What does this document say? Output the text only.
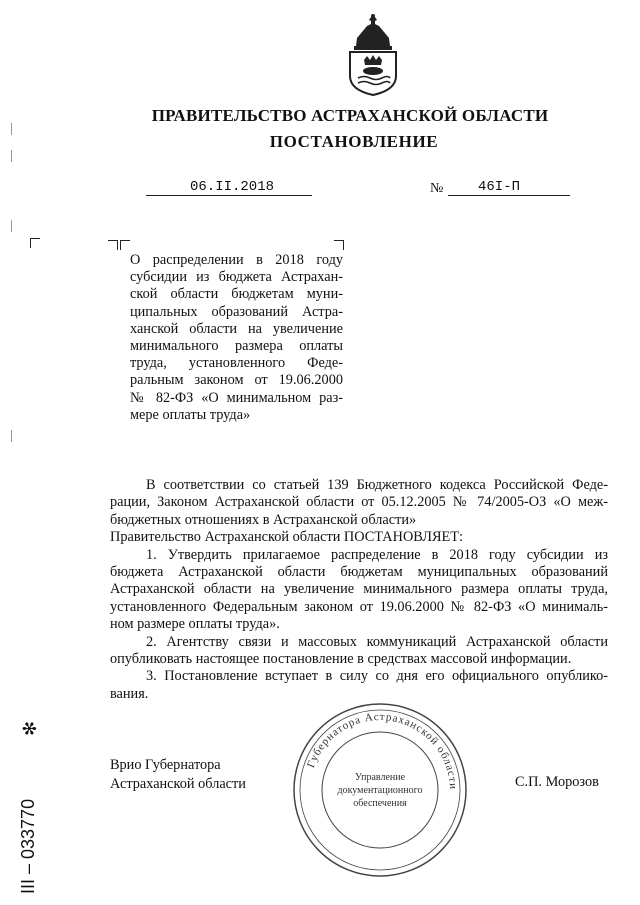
ПРАВИТЕЛЬСТВО АСТРАХАНСКОЙ ОБЛАСТИ
ПОСТАНОВЛЕНИЕ
06.II.2018	№	46I-П
О распределении в 2018 году
субсидии из бюджета Астрахан-
ской области бюджетам муни-
ципальных образований Астра-
ханской области на увеличение
минимального размера оплаты
труда, установленного Феде-
ральным законом от 19.06.2000
№ 82-ФЗ «О минимальном раз-
мере оплаты труда»
В соответствии со статьей 139 Бюджетного кодекса Российской Феде-
рации, Законом Астраханской области от 05.12.2005 № 74/2005-ОЗ «О меж-
бюджетных отношениях в Астраханской области»
Правительство Астраханской области ПОСТАНОВЛЯЕТ:
1. Утвердить прилагаемое распределение в 2018 году субсидии из
бюджета Астраханской области бюджетам муниципальных образований
Астраханской области на увеличение минимального размера оплаты труда,
установленного Федеральным законом от 19.06.2000 № 82-ФЗ «О минималь-
ном размере оплаты труда».
2. Агентству связи и массовых коммуникаций Астраханской области
опубликовать настоящее постановление в средствах массовой информации.
3. Постановление вступает в силу со дня его официального опублико-
вания.
Губернатора Астраханской области
Управление
документационного
обеспечения
Врио Губернатора
Астраханской области	С.П. Морозов
III – 033770
✻
